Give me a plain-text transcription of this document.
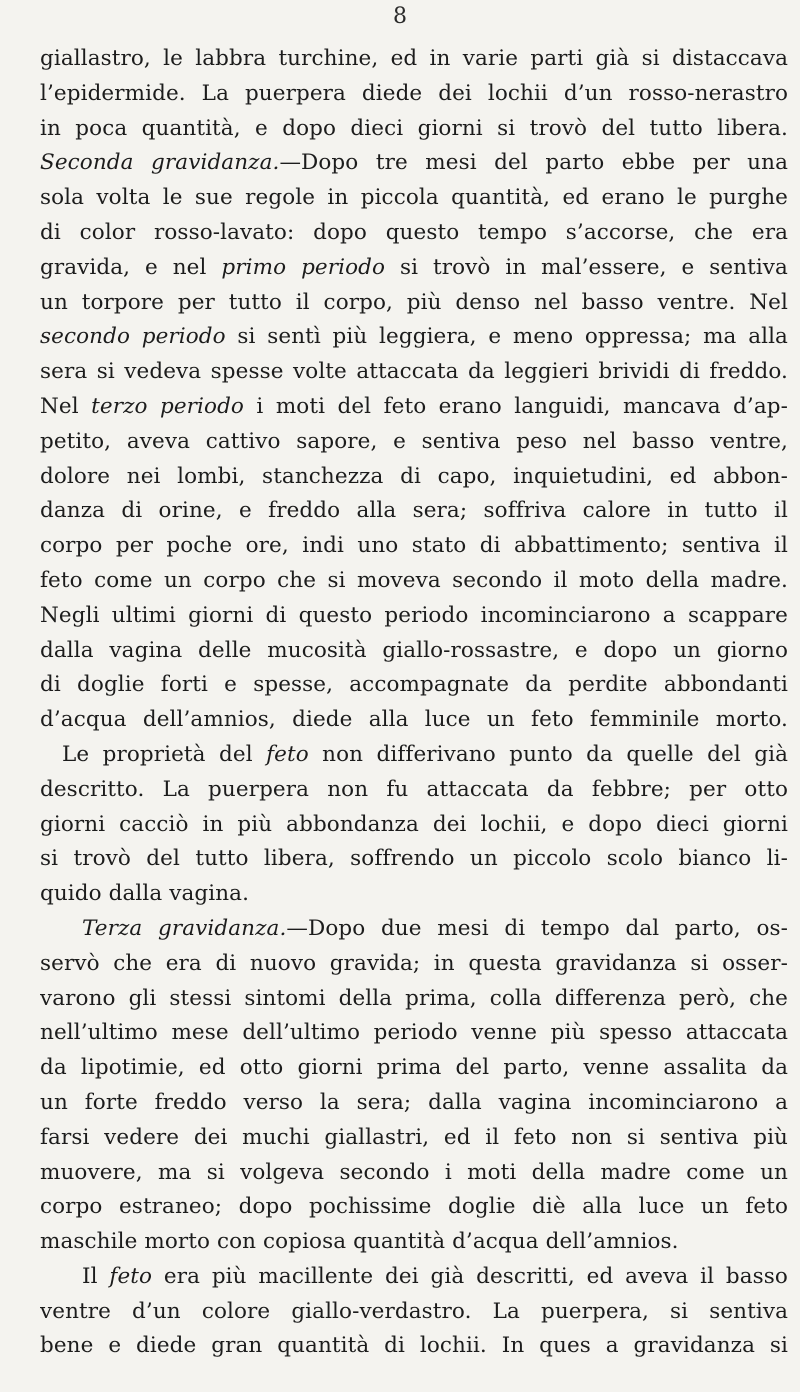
8
giallastro, le labbra turchine, ed in varie parti già si distaccava
l’epidermide. La puerpera diede dei lochii d’un rosso-nerastro
in poca quantità, e dopo dieci giorni si trovò del tutto libera.
Seconda gravidanza.—Dopo tre mesi del parto ebbe per una
sola volta le sue regole in piccola quantità, ed erano le purghe
di color rosso-lavato: dopo questo tempo s’accorse, che era
gravida, e nel primo periodo si trovò in mal’essere, e sentiva
un torpore per tutto il corpo, più denso nel basso ventre. Nel
secondo periodo si sentì più leggiera, e meno oppressa; ma alla
sera si vedeva spesse volte attaccata da leggieri brividi di freddo.
Nel terzo periodo i moti del feto erano languidi, mancava d’ap-
petito, aveva cattivo sapore, e sentiva peso nel basso ventre,
dolore nei lombi, stanchezza di capo, inquietudini, ed abbon-
danza di orine, e freddo alla sera; soffriva calore in tutto il
corpo per poche ore, indi uno stato di abbattimento; sentiva il
feto come un corpo che si moveva secondo il moto della madre.
Negli ultimi giorni di questo periodo incominciarono a scappare
dalla vagina delle mucosità giallo-rossastre, e dopo un giorno
di doglie forti e spesse, accompagnate da perdite abbondanti
d’acqua dell’amnios, diede alla luce un feto femminile morto.
Le proprietà del feto non differivano punto da quelle del già
descritto. La puerpera non fu attaccata da febbre; per otto
giorni cacciò in più abbondanza dei lochii, e dopo dieci giorni
si trovò del tutto libera, soffrendo un piccolo scolo bianco li-
quido dalla vagina.
Terza gravidanza.—Dopo due mesi di tempo dal parto, os-
servò che era di nuovo gravida; in questa gravidanza si osser-
varono gli stessi sintomi della prima, colla differenza però, che
nell’ultimo mese dell’ultimo periodo venne più spesso attaccata
da lipotimie, ed otto giorni prima del parto, venne assalita da
un forte freddo verso la sera; dalla vagina incominciarono a
farsi vedere dei muchi giallastri, ed il feto non si sentiva più
muovere, ma si volgeva secondo i moti della madre come un
corpo estraneo; dopo pochissime doglie diè alla luce un feto
maschile morto con copiosa quantità d’acqua dell’amnios.
Il feto era più macillente dei già descritti, ed aveva il basso
ventre d’un colore giallo-verdastro. La puerpera, si sentiva
bene e diede gran quantità di lochii. In ques a gravidanza si
